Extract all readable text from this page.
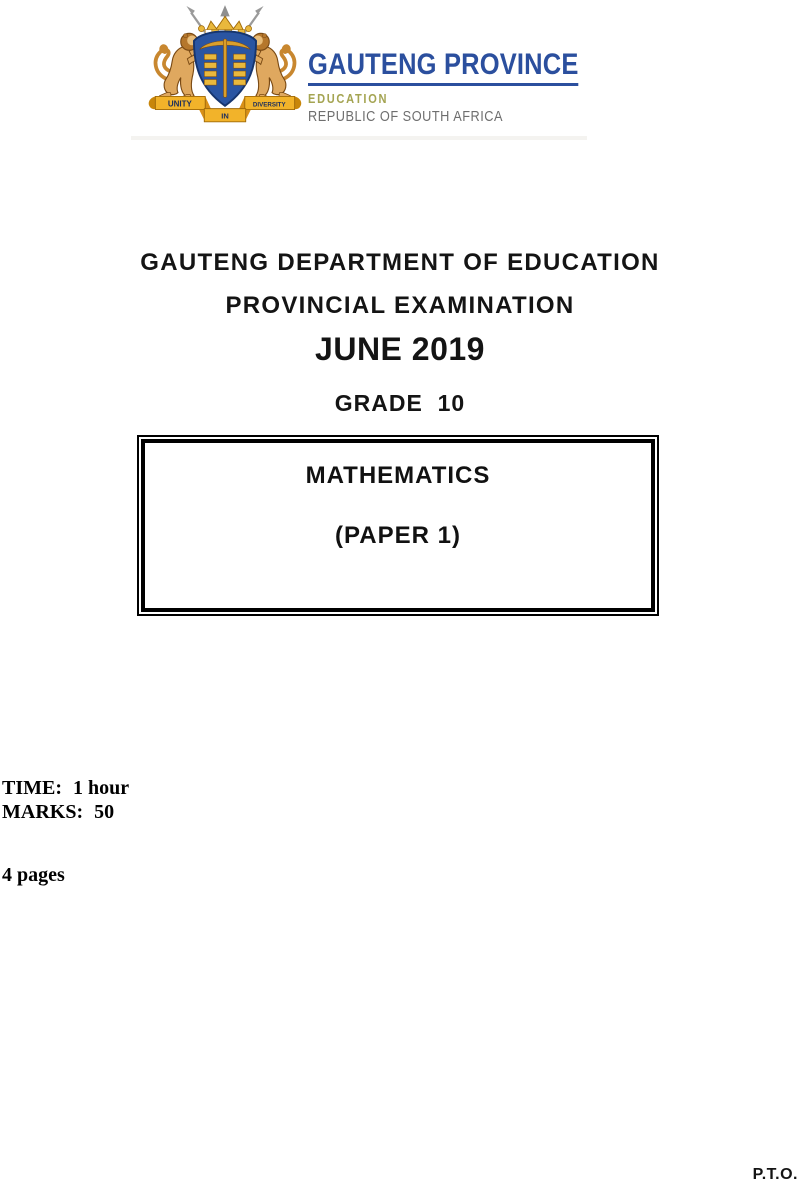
UNITY
IN
DIVERSITY
GAUTENG PROVINCE
EDUCATION
REPUBLIC OF SOUTH AFRICA
GAUTENG DEPARTMENT OF EDUCATION
PROVINCIAL EXAMINATION
JUNE 2019
GRADE  10
MATHEMATICS
(PAPER 1)
TIME: 1 hour
MARKS: 50
4 pages
P.T.O.
